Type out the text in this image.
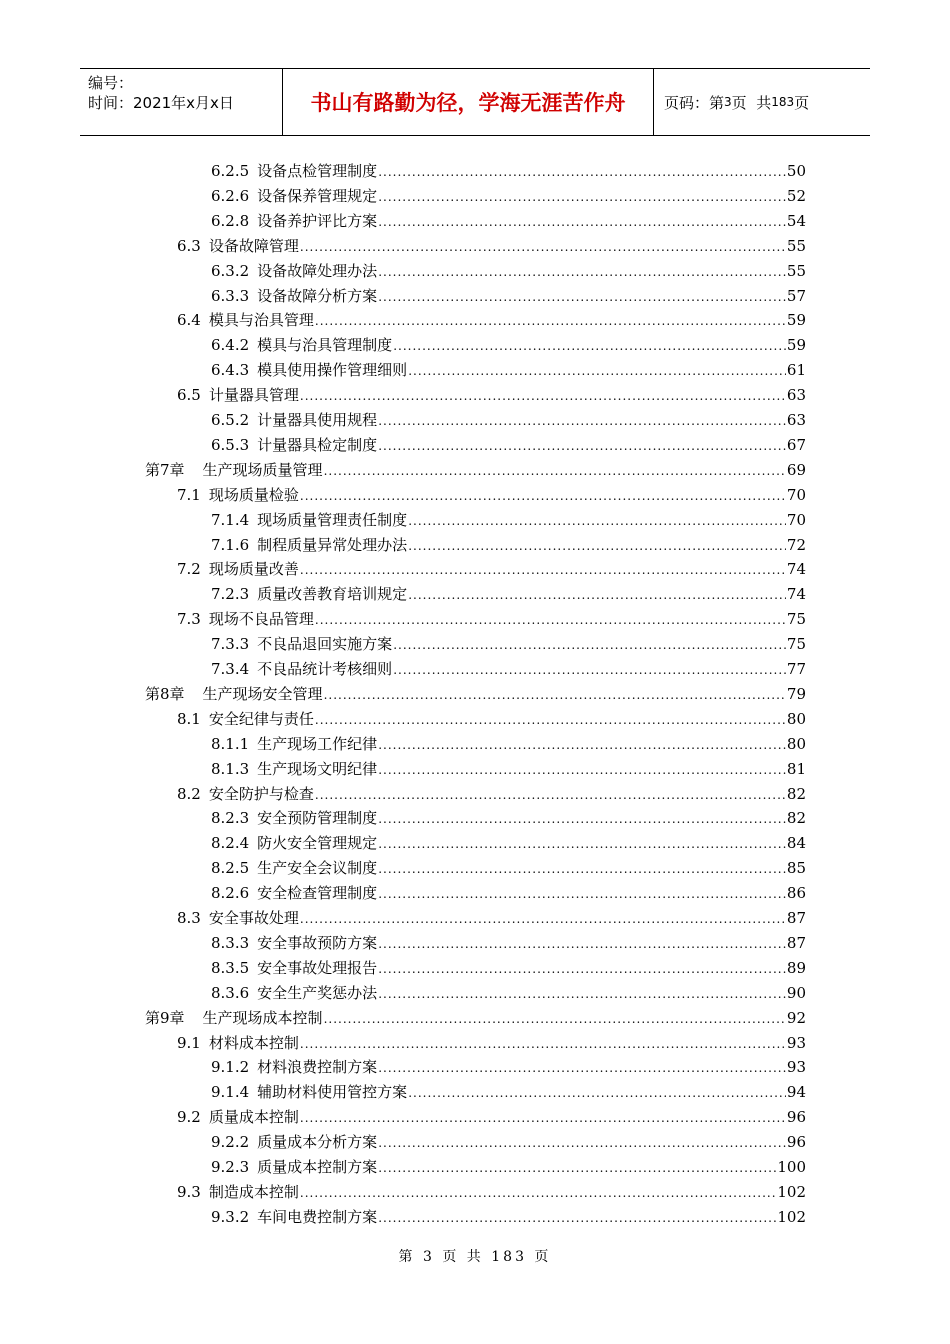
编号：
时间：2021年x月x日	书山有路勤为径，学海无涯苦作舟	页码：第 3 页  共 183 页
6.2.5 设备点检管理制度 .....	50
6.2.6 设备保养管理规定 .....	52
6.2.8 设备养护评比方案 .....	54
6.3 设备故障管理 .....	55
6.3.2 设备故障处理办法 .....	55
6.3.3 设备故障分析方案 .....	57
6.4 模具与治具管理 .....	59
6.4.2 模具与治具管理制度 .....	59
6.4.3 模具使用操作管理细则 .....	61
6.5 计量器具管理 .....	63
6.5.2 计量器具使用规程 .....	63
6.5.3 计量器具检定制度 .....	67
第7章 生产现场质量管理 .....	69
7.1 现场质量检验 .....	70
7.1.4 现场质量管理责任制度 .....	70
7.1.6 制程质量异常处理办法 .....	72
7.2 现场质量改善 .....	74
7.2.3 质量改善教育培训规定 .....	74
7.3 现场不良品管理 .....	75
7.3.3 不良品退回实施方案 .....	75
7.3.4 不良品统计考核细则 .....	77
第8章 生产现场安全管理 .....	79
8.1 安全纪律与责任 .....	80
8.1.1 生产现场工作纪律 .....	80
8.1.3 生产现场文明纪律 .....	81
8.2 安全防护与检查 .....	82
8.2.3 安全预防管理制度 .....	82
8.2.4 防火安全管理规定 .....	84
8.2.5 生产安全会议制度 .....	85
8.2.6 安全检查管理制度 .....	86
8.3 安全事故处理 .....	87
8.3.3 安全事故预防方案 .....	87
8.3.5 安全事故处理报告 .....	89
8.3.6 安全生产奖惩办法 .....	90
第9章 生产现场成本控制 .....	92
9.1 材料成本控制 .....	93
9.1.2 材料浪费控制方案 .....	93
9.1.4 辅助材料使用管控方案 .....	94
9.2 质量成本控制 .....	96
9.2.2 质量成本分析方案 .....	96
9.2.3 质量成本控制方案 .....	100
9.3 制造成本控制 .....	102
9.3.2 车间电费控制方案 .....	102
第 3 页 共 183 页
